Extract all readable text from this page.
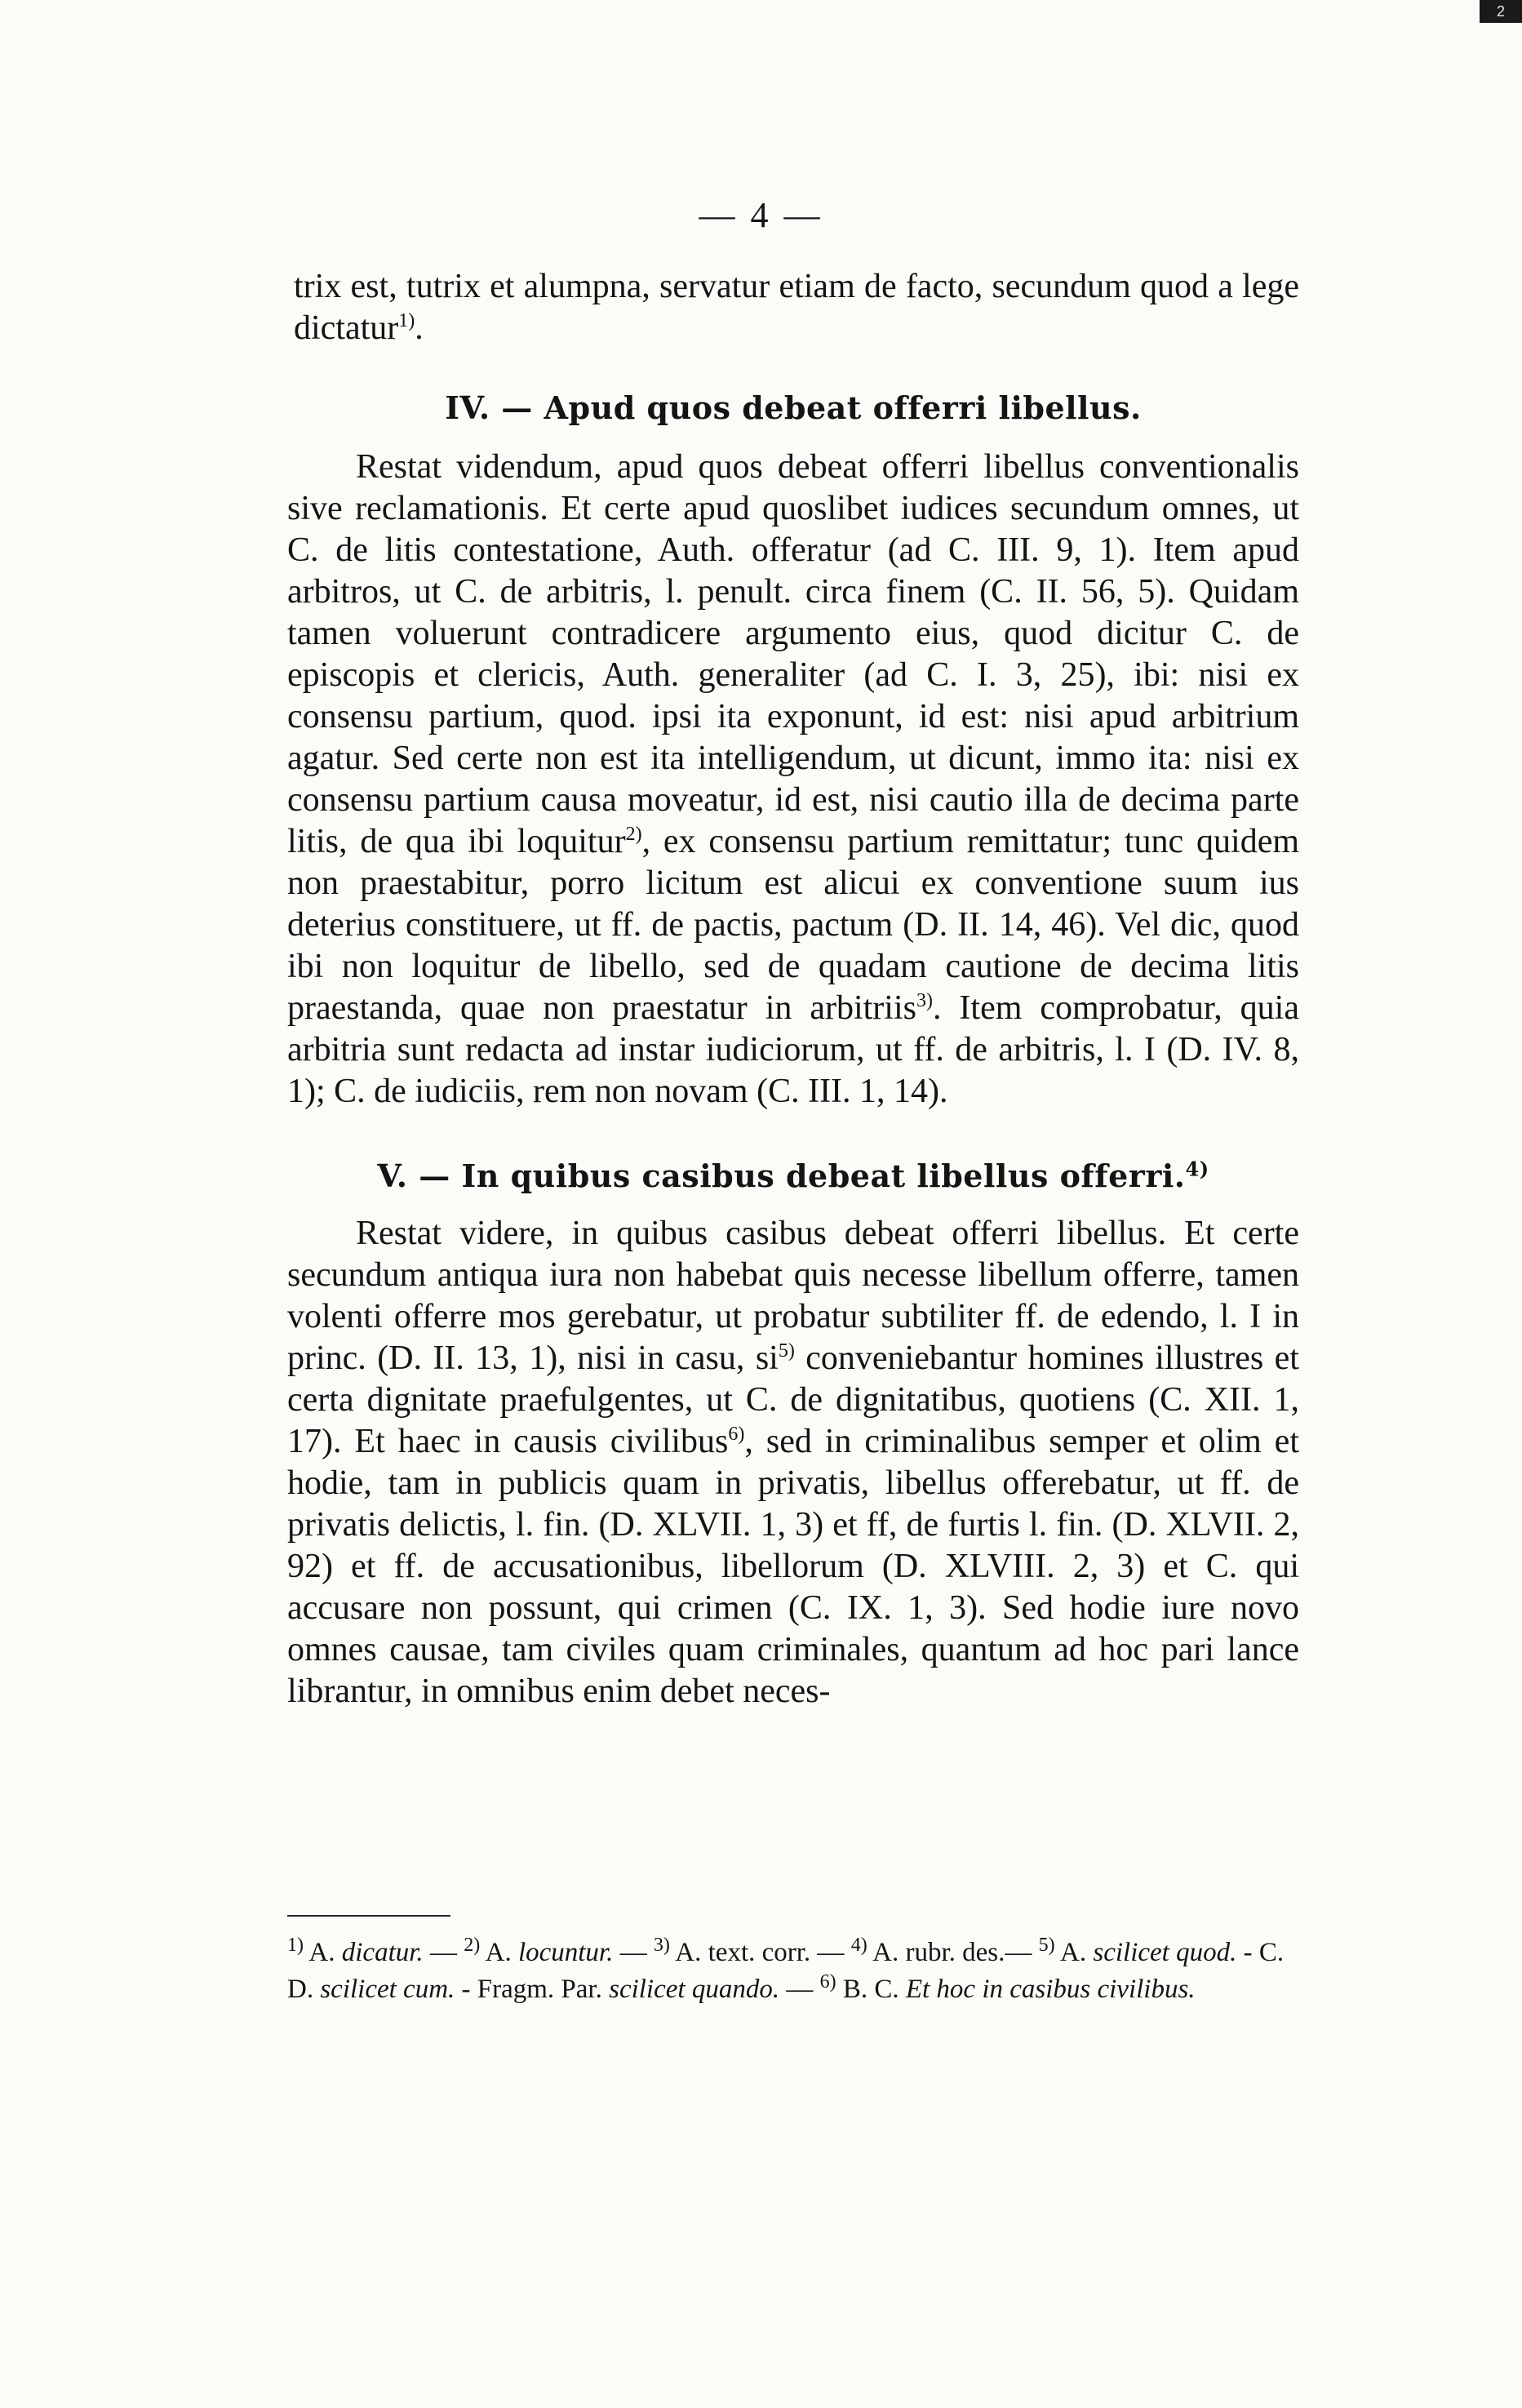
2
— 4 —

trix est, tutrix et alumpna, servatur etiam de facto, secundum quod a lege dictatur$^{1)}$.

IV. — Apud quos debeat offerri libellus.

Restat videndum, apud quos debeat offerri libellus conventionalis sive reclamationis. Et certe apud quoslibet iudices secundum omnes, ut C. de litis contestatione, Auth. offeratur (ad C. III. 9, 1). Item apud arbitros, ut C. de arbitris, l. penult. circa finem (C. II. 56, 5). Quidam tamen voluerunt contradicere argumento eius, quod dicitur C. de episcopis et clericis, Auth. generaliter (ad C. I. 3, 25), ibi: nisi ex consensu partium, quod. ipsi ita exponunt, id est: nisi apud arbitrium agatur. Sed certe non est ita intelligendum, ut dicunt, immo ita: nisi ex consensu partium causa moveatur, id est, nisi cautio illa de decima parte litis, de qua ibi loquitur$^{2)}$, ex consensu partium remittatur; tunc quidem non praestabitur, porro licitum est alicui ex conventione suum ius deterius constituere, ut ff. de pactis, pactum (D. II. 14, 46). Vel dic, quod ibi non loquitur de libello, sed de quadam cautione de decima litis praestanda, quae non praestatur in arbitriis$^{3)}$. Item comprobatur, quia arbitria sunt redacta ad instar iudiciorum, ut ff. de arbitris, l. I (D. IV. 8, 1); C. de iudiciis, rem non novam (C. III. 1, 14).

V. — In quibus casibus debeat libellus offerri.$^{4)}$

Restat videre, in quibus casibus debeat offerri libellus. Et certe secundum antiqua iura non habebat quis necesse libellum offerre, tamen volenti offerre mos gerebatur, ut probatur subtiliter ff. de edendo, l. I in princ. (D. II. 13, 1), nisi in casu, $si^{5)}$ conveniebantur homines illustres et certa dignitate praefulgentes, ut C. de dignitatibus, quotiens (C. XII. 1, 17). Et haec in causis civilibus$^{6)}$, sed in criminalibus semper et olim et hodie, tam in publicis quam in privatis, libellus offerebatur, ut ff. de privatis delictis, l. fin. (D. XLVII. 1, 3) et ff, de furtis l. fin. (D. XLVII. 2, 92) et ff. de accusationibus, libellorum (D. XLVIII. 2, 3) et C. qui accusare non possunt, qui crimen (C. IX. 1, 3). Sed hodie iure novo omnes causae, tam civiles quam criminales, quantum ad hoc pari lance librantur, in omnibus enim debet neces-

$^{1)}$ A. dicatur. — $^{2)}$ A. locuntur. — $^{3)}$ A. text. corr. — $^{4)}$ A. rubr. des.— $^{5)}$ A. scilicet quod. - C. D. scilicet cum. - Fragm. Par. scilicet quando. — $^{6)}$ B. C. Et hoc in casibus civilibus.
